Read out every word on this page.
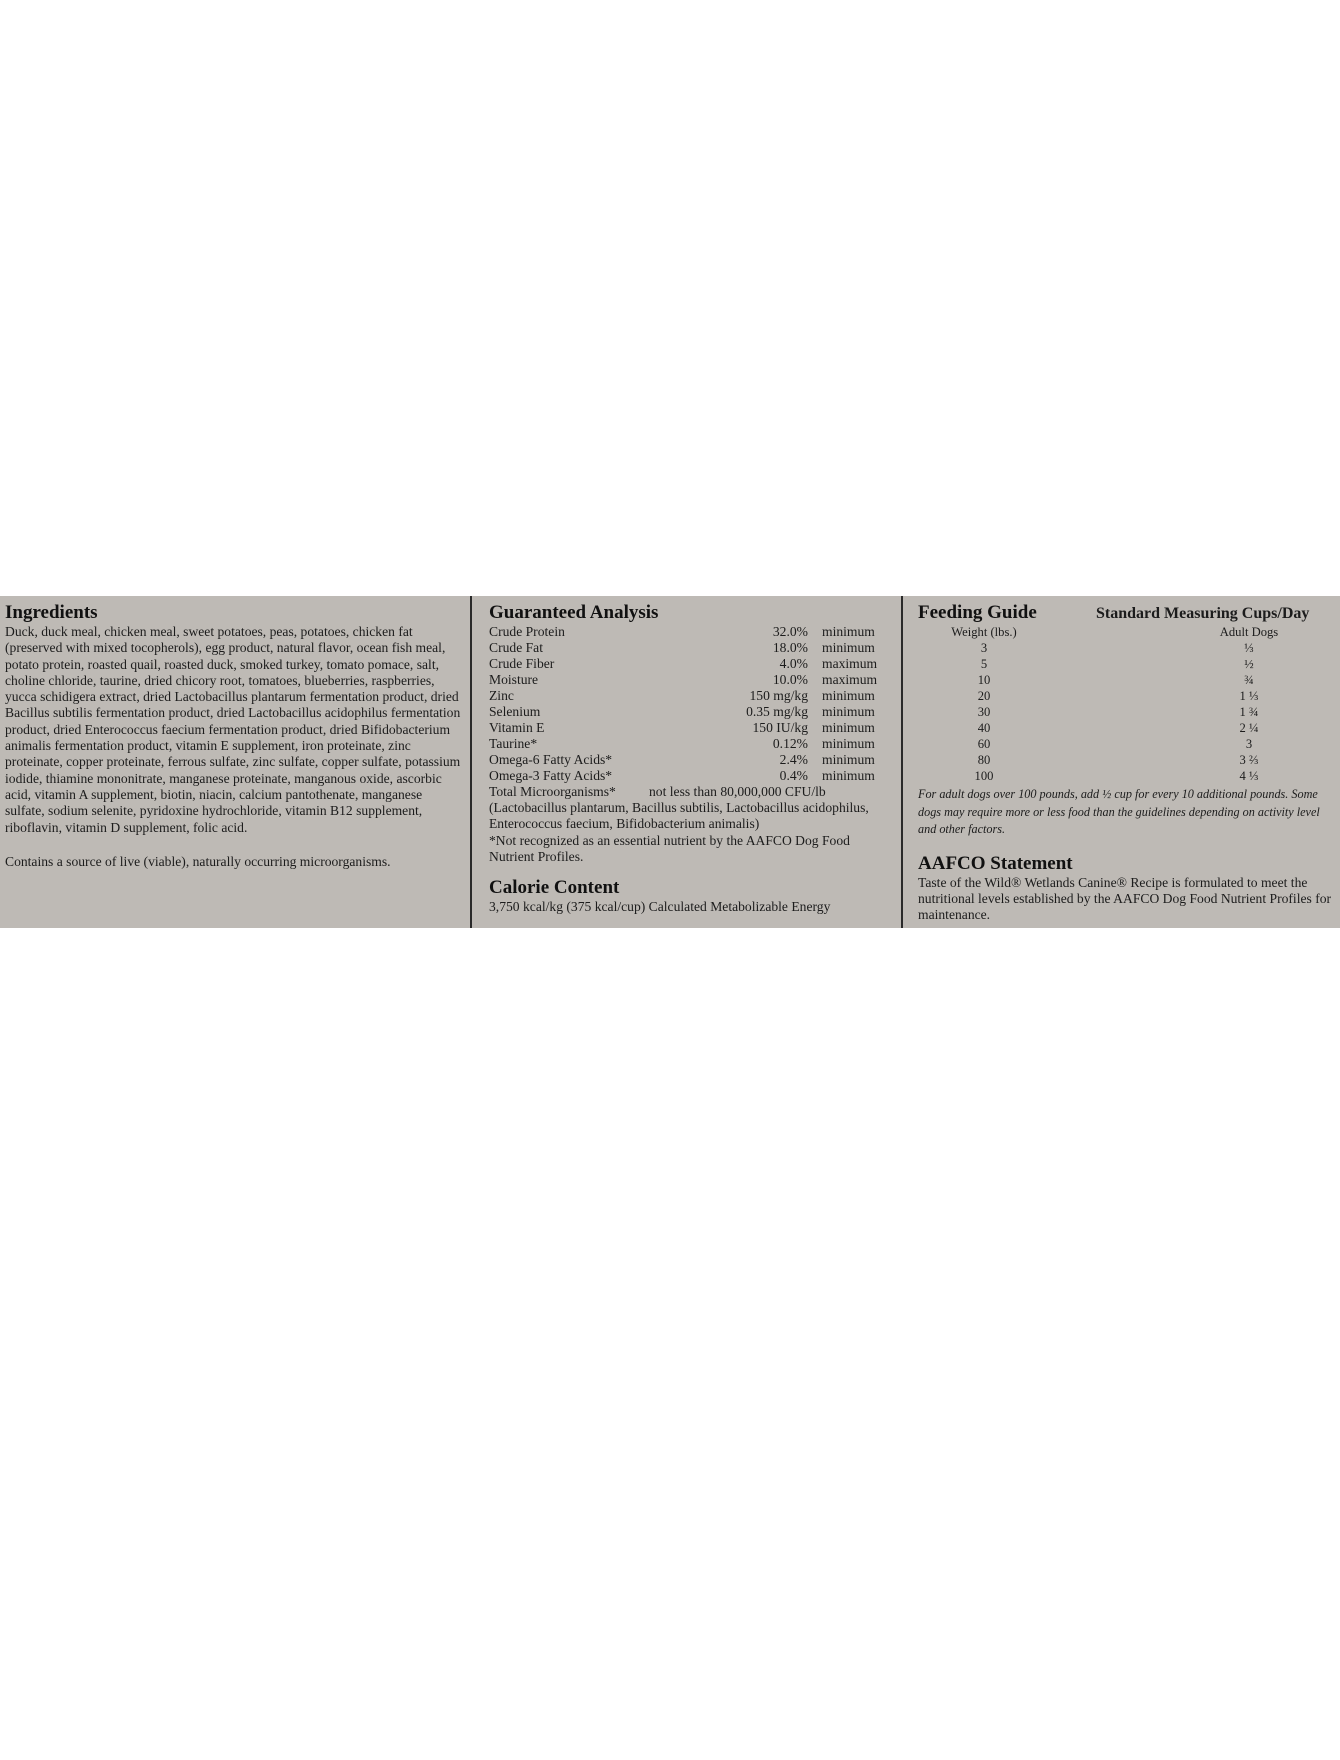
Ingredients

Duck, duck meal, chicken meal, sweet potatoes, peas, potatoes, chicken fat (preserved with mixed tocopherols), egg product, natural flavor, ocean fish meal, potato protein, roasted quail, roasted duck, smoked turkey, tomato pomace, salt, choline chloride, taurine, dried chicory root, tomatoes, blueberries, raspberries, yucca schidigera extract, dried Lactobacillus plantarum fermentation product, dried Bacillus subtilis fermentation product, dried Lactobacillus acidophilus fermentation product, dried Enterococcus faecium fermentation product, dried Bifidobacterium animalis fermentation product, vitamin E supplement, iron proteinate, zinc proteinate, copper proteinate, ferrous sulfate, zinc sulfate, copper sulfate, potassium iodide, thiamine mononitrate, manganese proteinate, manganous oxide, ascorbic acid, vitamin A supplement, biotin, niacin, calcium pantothenate, manganese sulfate, sodium selenite, pyridoxine hydrochloride, vitamin B12 supplement, riboflavin, vitamin D supplement, folic acid.

Contains a source of live (viable), naturally occurring microorganisms.

Guaranteed Analysis
Crude Protein	32.0%	minimum
Crude Fat	18.0%	minimum
Crude Fiber	4.0%	maximum
Moisture	10.0%	maximum
Zinc	150 mg/kg	minimum
Selenium	0.35 mg/kg	minimum
Vitamin E	150 IU/kg	minimum
Taurine*	0.12%	minimum
Omega-6 Fatty Acids*	2.4%	minimum
Omega-3 Fatty Acids*	0.4%	minimum
Total Microorganisms*	not less than 80,000,000 CFU/lb

(Lactobacillus plantarum, Bacillus subtilis, Lactobacillus acidophilus, Enterococcus faecium, Bifidobacterium animalis)

*Not recognized as an essential nutrient by the AAFCO Dog Food Nutrient Profiles.

Calorie Content

3,750 kcal/kg (375 kcal/cup) Calculated Metabolizable Energy

Feeding Guide	Standard Measuring Cups/Day
Weight (lbs.)	Adult Dogs
3	⅓
5	½
10	¾
20	1 ⅓
30	1 ¾
40	2 ¼
60	3
80	3 ⅔
100	4 ⅓

For adult dogs over 100 pounds, add ½ cup for every 10 additional pounds. Some dogs may require more or less food than the guidelines depending on activity level and other factors.

AAFCO Statement

Taste of the Wild® Wetlands Canine® Recipe is formulated to meet the nutritional levels established by the AAFCO Dog Food Nutrient Profiles for maintenance.
